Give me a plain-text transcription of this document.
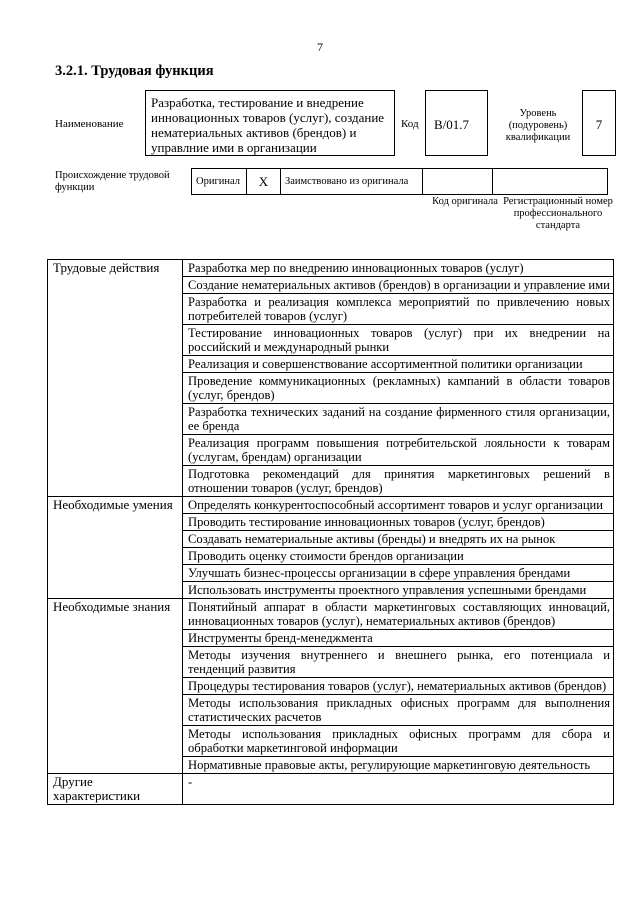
7
3.2.1. Трудовая функция
Наименование
Разработка, тестирование и внедрение инновационных товаров (услуг), создание нематериальных активов (брендов) и управлние ими в организации
Код	B/01.7
Уровень (подуровень) квалификации
7
Происхождение трудовой функции
Оригинал	X	Заимствовано из оригинала		
Код оригинала Регистрационный номер профессионального стандарта
Трудовые действия	Разработка мер по внедрению инновационных товаров (услуг)
	Создание нематериальных активов (брендов) в организации и управление ими
	Разработка и реализация комплекса мероприятий по привлечению новых потребителей товаров (услуг)
	Тестирование инновационных товаров (услуг) при их внедрении на российский и международный рынки
	Реализация и совершенствование ассортиментной политики организации
	Проведение коммуникационных (рекламных) кампаний в области товаров (услуг, брендов)
	Разработка технических заданий на создание фирменного стиля организации, ее бренда
	Реализация программ повышения потребительской лояльности к товарам (услугам, брендам) организации
	Подготовка рекомендаций для принятия маркетинговых решений в отношении товаров (услуг, брендов)
Необходимые умения	Определять конкурентоспособный ассортимент товаров и услуг организации
	Проводить тестирование инновационных товаров (услуг, брендов)
	Создавать нематериальные активы (бренды) и внедрять их на рынок
	Проводить оценку стоимости брендов организации
	Улучшать бизнес-процессы организации в сфере управления брендами
	Использовать инструменты проектного управления успешными брендами
Необходимые знания	Понятийный аппарат в области маркетинговых составляющих инноваций, инновационных товаров (услуг), нематериальных активов (брендов)
	Инструменты бренд-менеджмента
	Методы изучения внутреннего и внешнего рынка, его потенциала и тенденций развития
	Процедуры тестирования товаров (услуг), нематериальных активов (брендов)
	Методы использования прикладных офисных программ для выполнения статистических расчетов
	Методы использования прикладных офисных программ для сбора и обработки маркетинговой информации
	Нормативные правовые акты, регулирующие маркетинговую деятельность
Другие характеристики	-
